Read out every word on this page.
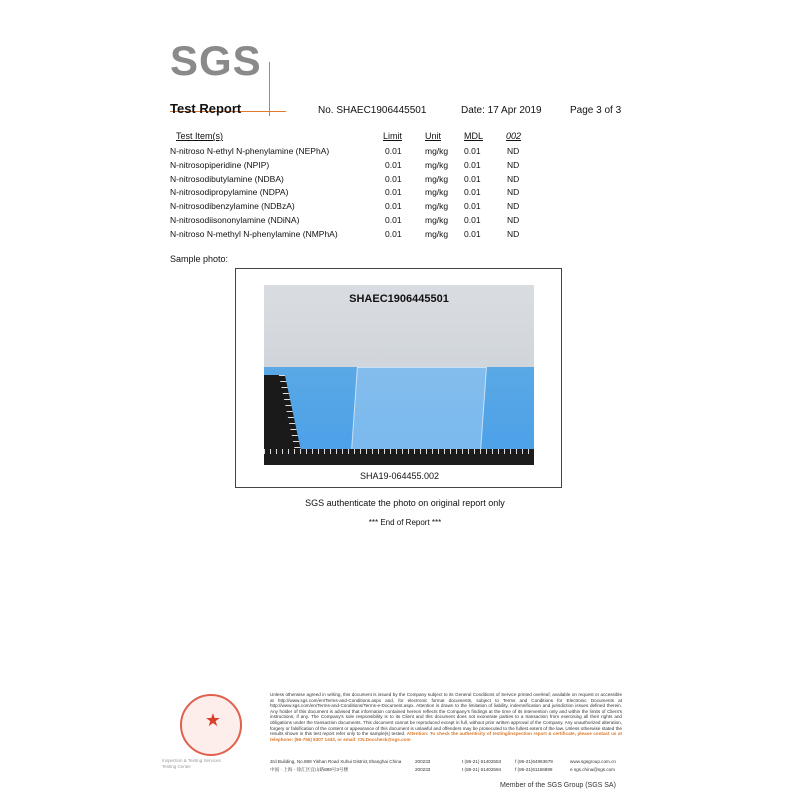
SGS
Test Report	No. SHAEC1906445501	Date: 17 Apr 2019	Page 3 of 3
Test Item(s)	Limit	Unit	MDL	002
N-nitroso N-ethyl N-phenylamine (NEPhA)	0.01	mg/kg 0.01	ND
N-nitrosopiperidine (NPIP)	0.01	mg/kg 0.01	ND
N-nitrosodibutylamine (NDBA)	0.01	mg/kg 0.01	ND
N-nitrosodipropylamine (NDPA)	0.01	mg/kg 0.01	ND
N-nitrosodibenzylamine (NDBzA)	0.01	mg/kg 0.01	ND
N-nitrosodiisononylamine (NDiNA)	0.01	mg/kg 0.01	ND
N-nitroso N-methyl N-phenylamine (NMPhA)	0.01	mg/kg 0.01	ND
Sample photo:
SHAEC1906445501
SHA19-064455.002
SGS authenticate the photo on original report only
*** End of Report ***
★
Inspection & Testing Services
Testing Center
Unless otherwise agreed in writing, this document is issued by the Company subject to its General Conditions of Service printed overleaf, available on request or accessible at http://www.sgs.com/en/Terms-and-Conditions.aspx and, for electronic format documents, subject to Terms and Conditions for Electronic Documents at http://www.sgs.com/en/Terms-and-Conditions/Terms-e-Document.aspx. Attention is drawn to the limitation of liability, indemnification and jurisdiction issues defined therein. Any holder of this document is advised that information contained hereon reflects the Company's findings at the time of its intervention only and within the limits of Client's instructions, if any. The Company's sole responsibility is to its Client and this document does not exonerate parties to a transaction from exercising all their rights and obligations under the transaction documents. This document cannot be reproduced except in full, without prior written approval of the Company. Any unauthorized alteration, forgery or falsification of the content or appearance of this document is unlawful and offenders may be prosecuted to the fullest extent of the law. Unless otherwise stated the results shown in this test report refer only to the sample(s) tested. Attention: To check the authenticity of testing/inspection report & certificate, please contact us at telephone: (86-755) 8307 1443, or email: CN.Doccheck@sgs.com
3rd Building, No.889 Yishan Road Xuhui District,Shanghai China	200233	t (86-21) 61402553	f (86-21)64953679	www.sgsgroup.com.cn
中国 · 上海 · 徐汇区宜山路889号3号楼	200233	t (86-21) 61402594	f (86-21)61156899	e sgs.china@sgs.com
Member of the SGS Group (SGS SA)
